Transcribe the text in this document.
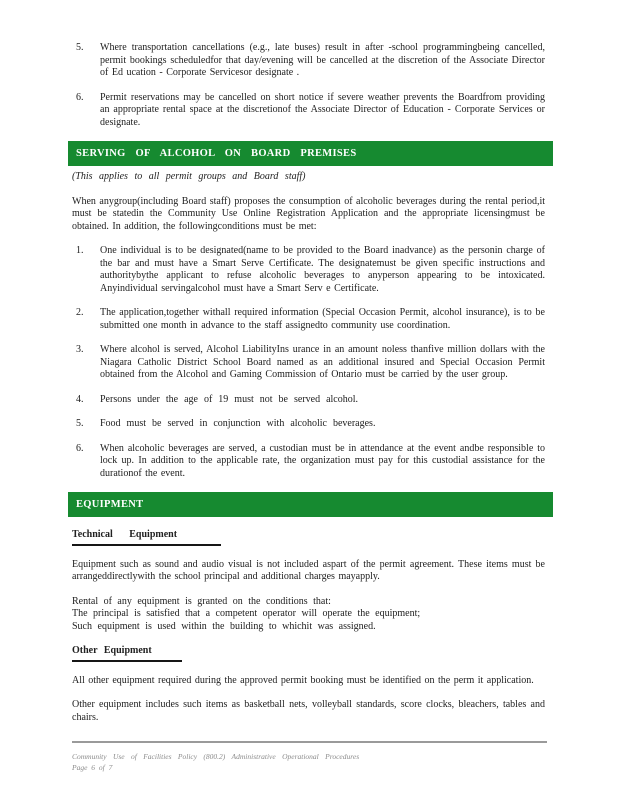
5.	Where transportation cancellations (e.g., late buses) result in after -school programmingbeing cancelled, permit bookings scheduledfor that day/evening will be cancelled at the discretion of the Associate Director of Ed ucation - Corporate Servicesor designate .
6.	Permit reservations may be cancelled on short notice if severe weather prevents the Boardfrom providing an appropriate rental space at the discretionof the Associate Director of Education - Corporate Services or designate.
SERVING OF ALCOHOL ON BOARD PREMISES
(This applies to all permit groups and Board staff)

When anygroup(including Board staff) proposes the consumption of alcoholic beverages during the rental period,it must be statedin the Community Use Online Registration Application and the appropriate licensingmust be obtained. In addition, the followingconditions must be met:

1.	One individual is to be designated(name to be provided to the Board inadvance) as the personin charge of the bar and must have a Smart Serve Certificate. The designatemust be given specific instructions and authoritybythe applicant to refuse alcoholic beverages to anyperson appearing to be intoxicated. Anyindividual servingalcohol must have a Smart Serv e Certificate.
2.	The application,together withall required information (Special Occasion Permit, alcohol insurance), is to be submitted one month in advance to the staff assignedto community use coordination.
3.	Where alcohol is served, Alcohol LiabilityIns urance in an amount noless thanfive million dollars with the Niagara Catholic District School Board named as an additional insured and Special Occasion Permit obtained from the Alcohol and Gaming Commission of Ontario must be carried by the user group.
4.	Persons under the age of 19 must not be served alcohol.
5.	Food must be served in conjunction with alcoholic beverages.
6.	When alcoholic beverages are served, a custodian must be in attendance at the event andbe responsible to lock up. In addition to the applicable rate, the organization must pay for this custodial assistance for the durationof the event.
EQUIPMENT
Technical Equipment

Equipment such as sound and audio visual is not included aspart of the permit agreement. These items must be arrangeddirectlywith the school principal and additional charges mayapply.

Rental of any equipment is granted on the conditions that:
The principal is satisfied that a competent operator will operate the equipment;
Such equipment is used within the building to whichit was assigned.
Other Equipment

All other equipment required during the approved permit booking must be identified on the perm it application.

Other equipment includes such items as basketball nets, volleyball standards, score clocks, bleachers, tables and chairs.

Community Use of Facilities Policy (800.2) Administrative Operational Procedures
Page 6 of 7
